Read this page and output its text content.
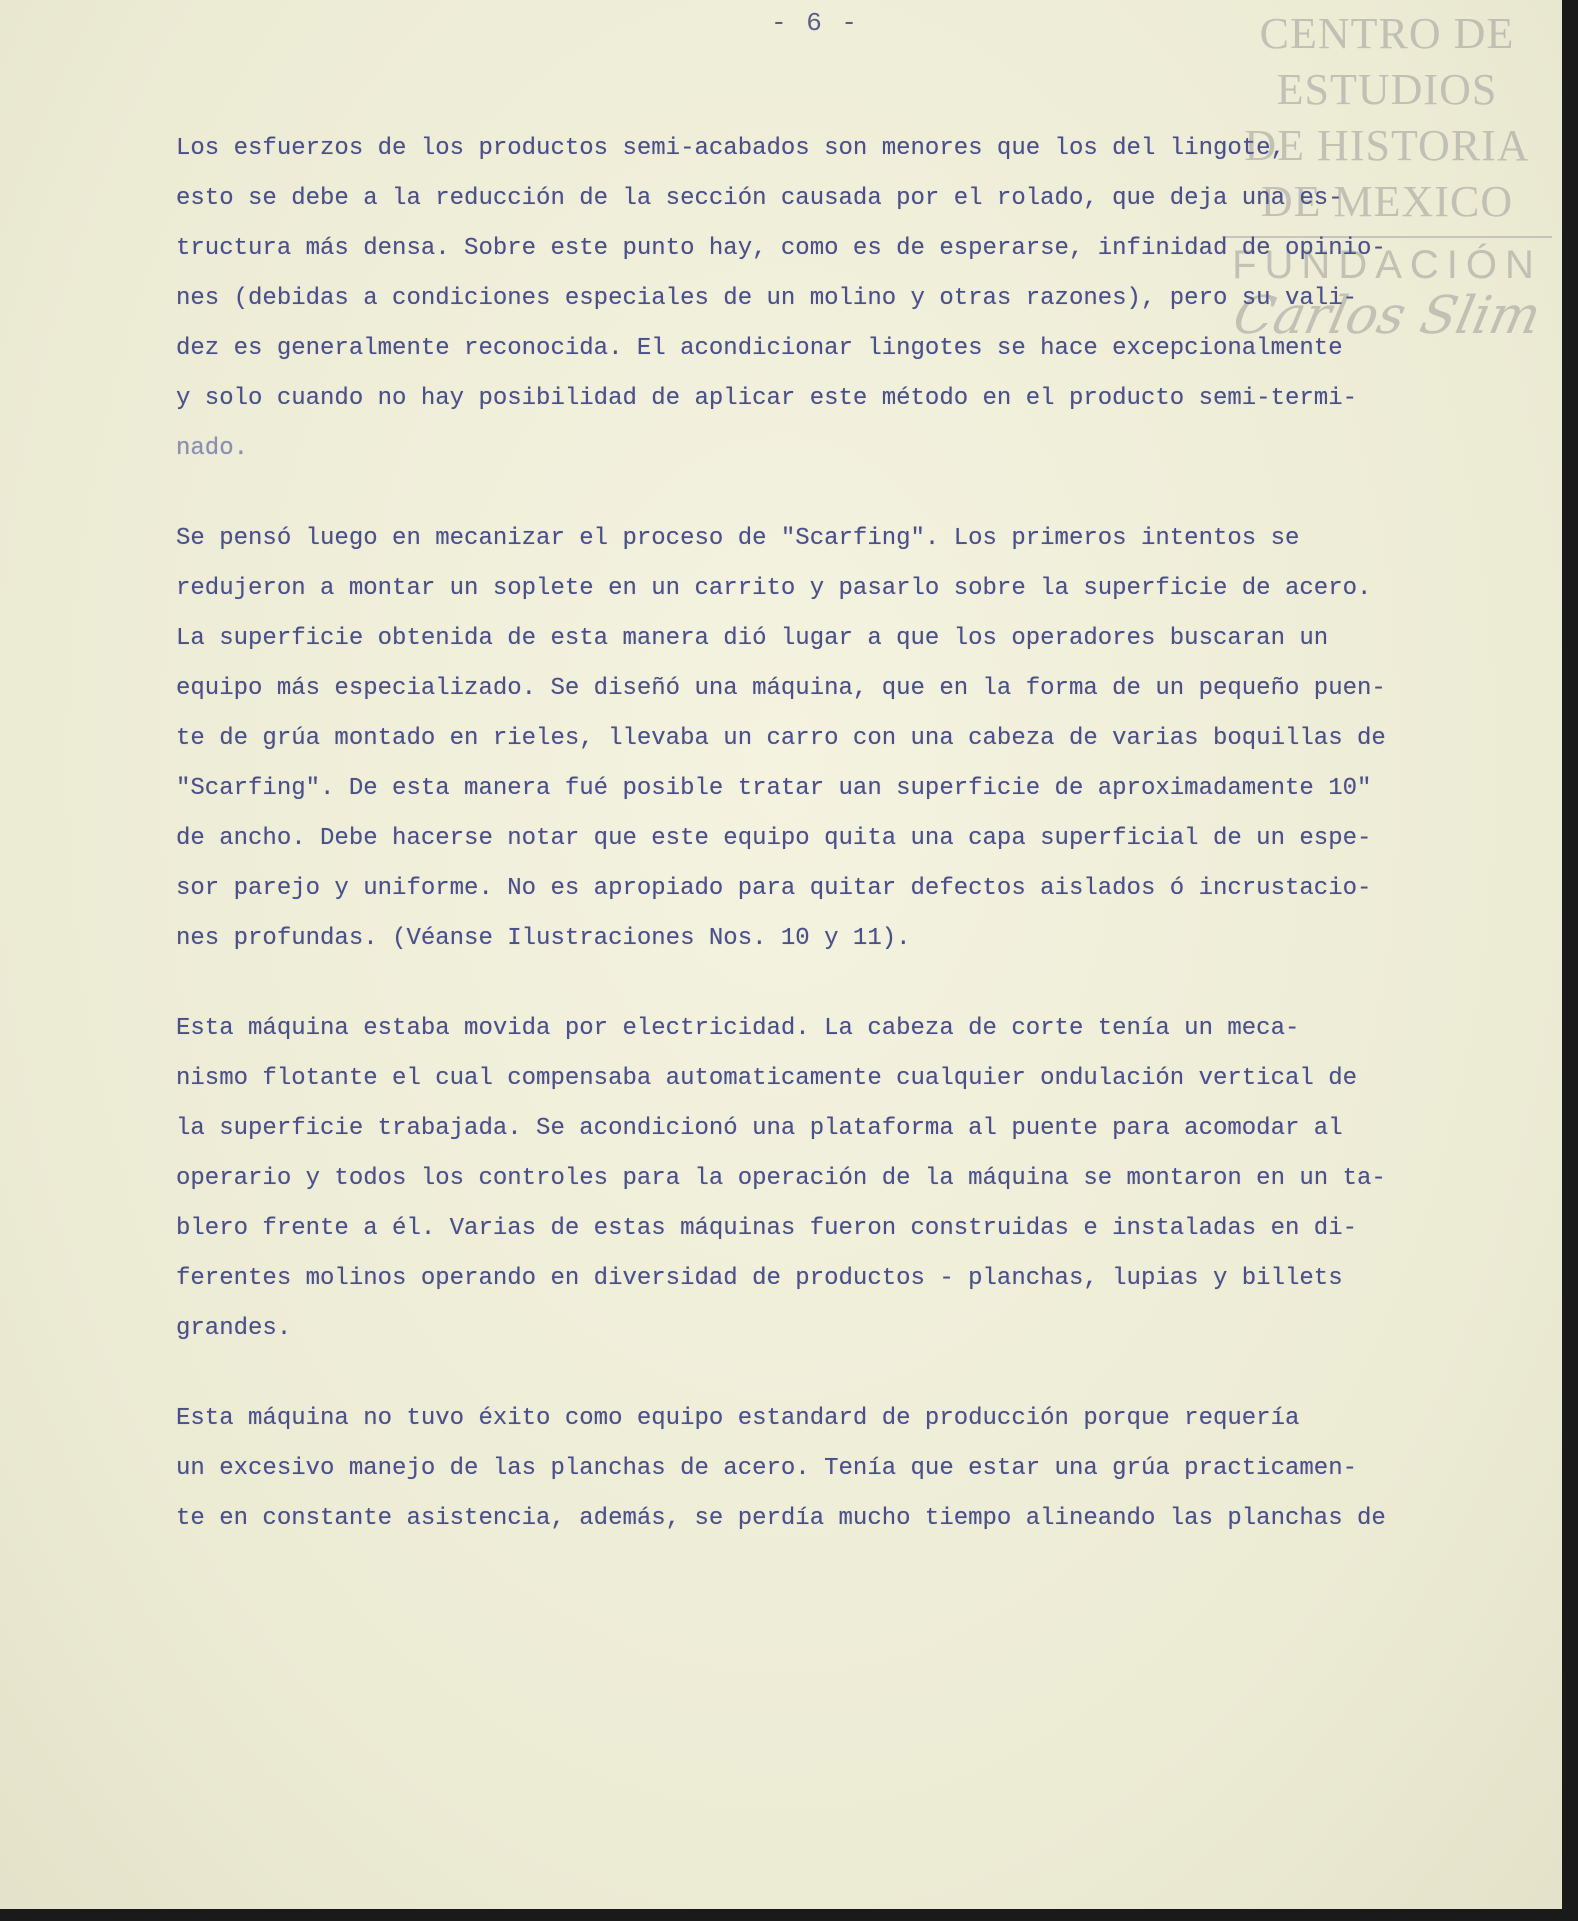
- 6 -	CENTRO DE
ESTUDIOS
DE HISTORIA
DE MEXICO
FUNDACIÓN
Carlos Slim
Los esfuerzos de los productos semi-acabados son menores que los del lingote,
esto se debe a la reducción de la sección causada por el rolado, que deja una es-
tructura más densa. Sobre este punto hay, como es de esperarse, infinidad de opinio-
nes (debidas a condiciones especiales de un molino y otras razones), pero su vali-
dez es generalmente reconocida. El acondicionar lingotes se hace excepcionalmente
y solo cuando no hay posibilidad de aplicar este método en el producto semi-termi-
nado.
Se pensó luego en mecanizar el proceso de "Scarfing". Los primeros intentos se
redujeron a montar un soplete en un carrito y pasarlo sobre la superficie de acero.
La superficie obtenida de esta manera dió lugar a que los operadores buscaran un
equipo más especializado. Se diseñó una máquina, que en la forma de un pequeño puen-
te de grúa montado en rieles, llevaba un carro con una cabeza de varias boquillas de
"Scarfing". De esta manera fué posible tratar uan superficie de aproximadamente 10"
de ancho. Debe hacerse notar que este equipo quita una capa superficial de un espe-
sor parejo y uniforme. No es apropiado para quitar defectos aislados ó incrustacio-
nes profundas. (Véanse Ilustraciones Nos. 10 y 11).
Esta máquina estaba movida por electricidad. La cabeza de corte tenía un meca-
nismo flotante el cual compensaba automaticamente cualquier ondulación vertical de
la superficie trabajada. Se acondicionó una plataforma al puente para acomodar al
operario y todos los controles para la operación de la máquina se montaron en un ta-
blero frente a él. Varias de estas máquinas fueron construidas e instaladas en di-
ferentes molinos operando en diversidad de productos - planchas, lupias y billets
grandes.
Esta máquina no tuvo éxito como equipo estandard de producción porque requería
un excesivo manejo de las planchas de acero. Tenía que estar una grúa practicamen-
te en constante asistencia, además, se perdía mucho tiempo alineando las planchas de
